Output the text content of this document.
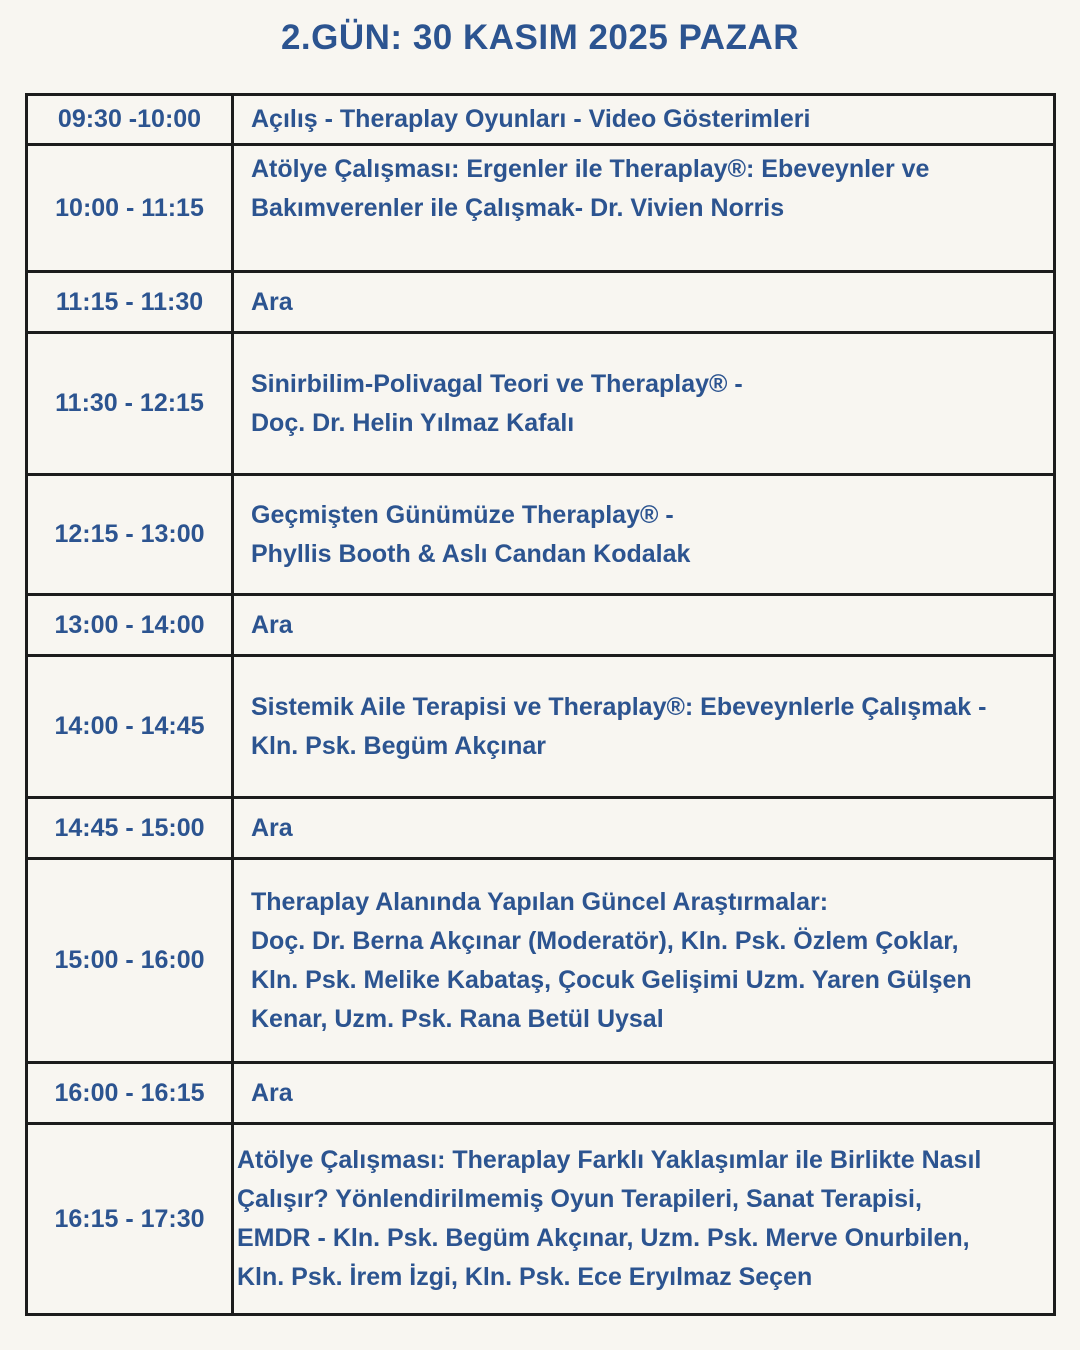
2.GÜN: 30 KASIM 2025 PAZAR
09:30 -10:00	Açılış - Theraplay Oyunları - Video Gösterimleri

10:00 - 11:15	Atölye Çalışması: Ergenler ile Theraplay®: Ebeveynler ve
Bakımverenler ile Çalışmak- Dr. Vivien Norris

11:15 - 11:30	Ara

11:30 - 12:15	Sinirbilim-Polivagal Teori ve Theraplay® -
Doç. Dr. Helin Yılmaz Kafalı

12:15 - 13:00	Geçmişten Günümüze Theraplay® -
Phyllis Booth & Aslı Candan Kodalak

13:00 - 14:00	Ara

14:00 - 14:45	Sistemik Aile Terapisi ve Theraplay®: Ebeveynlerle Çalışmak -
Kln. Psk. Begüm Akçınar

14:45 - 15:00	Ara

15:00 - 16:00	Theraplay Alanında Yapılan Güncel Araştırmalar:
Doç. Dr. Berna Akçınar (Moderatör), Kln. Psk. Özlem Çoklar,
Kln. Psk. Melike Kabataş, Çocuk Gelişimi Uzm. Yaren Gülşen
Kenar, Uzm. Psk. Rana Betül Uysal

16:00 - 16:15	Ara

16:15 - 17:30	Atölye Çalışması: Theraplay Farklı Yaklaşımlar ile Birlikte Nasıl
Çalışır? Yönlendirilmemiş Oyun Terapileri, Sanat Terapisi,
EMDR - Kln. Psk. Begüm Akçınar, Uzm. Psk. Merve Onurbilen,
Kln. Psk. İrem İzgi, Kln. Psk. Ece Eryılmaz Seçen
